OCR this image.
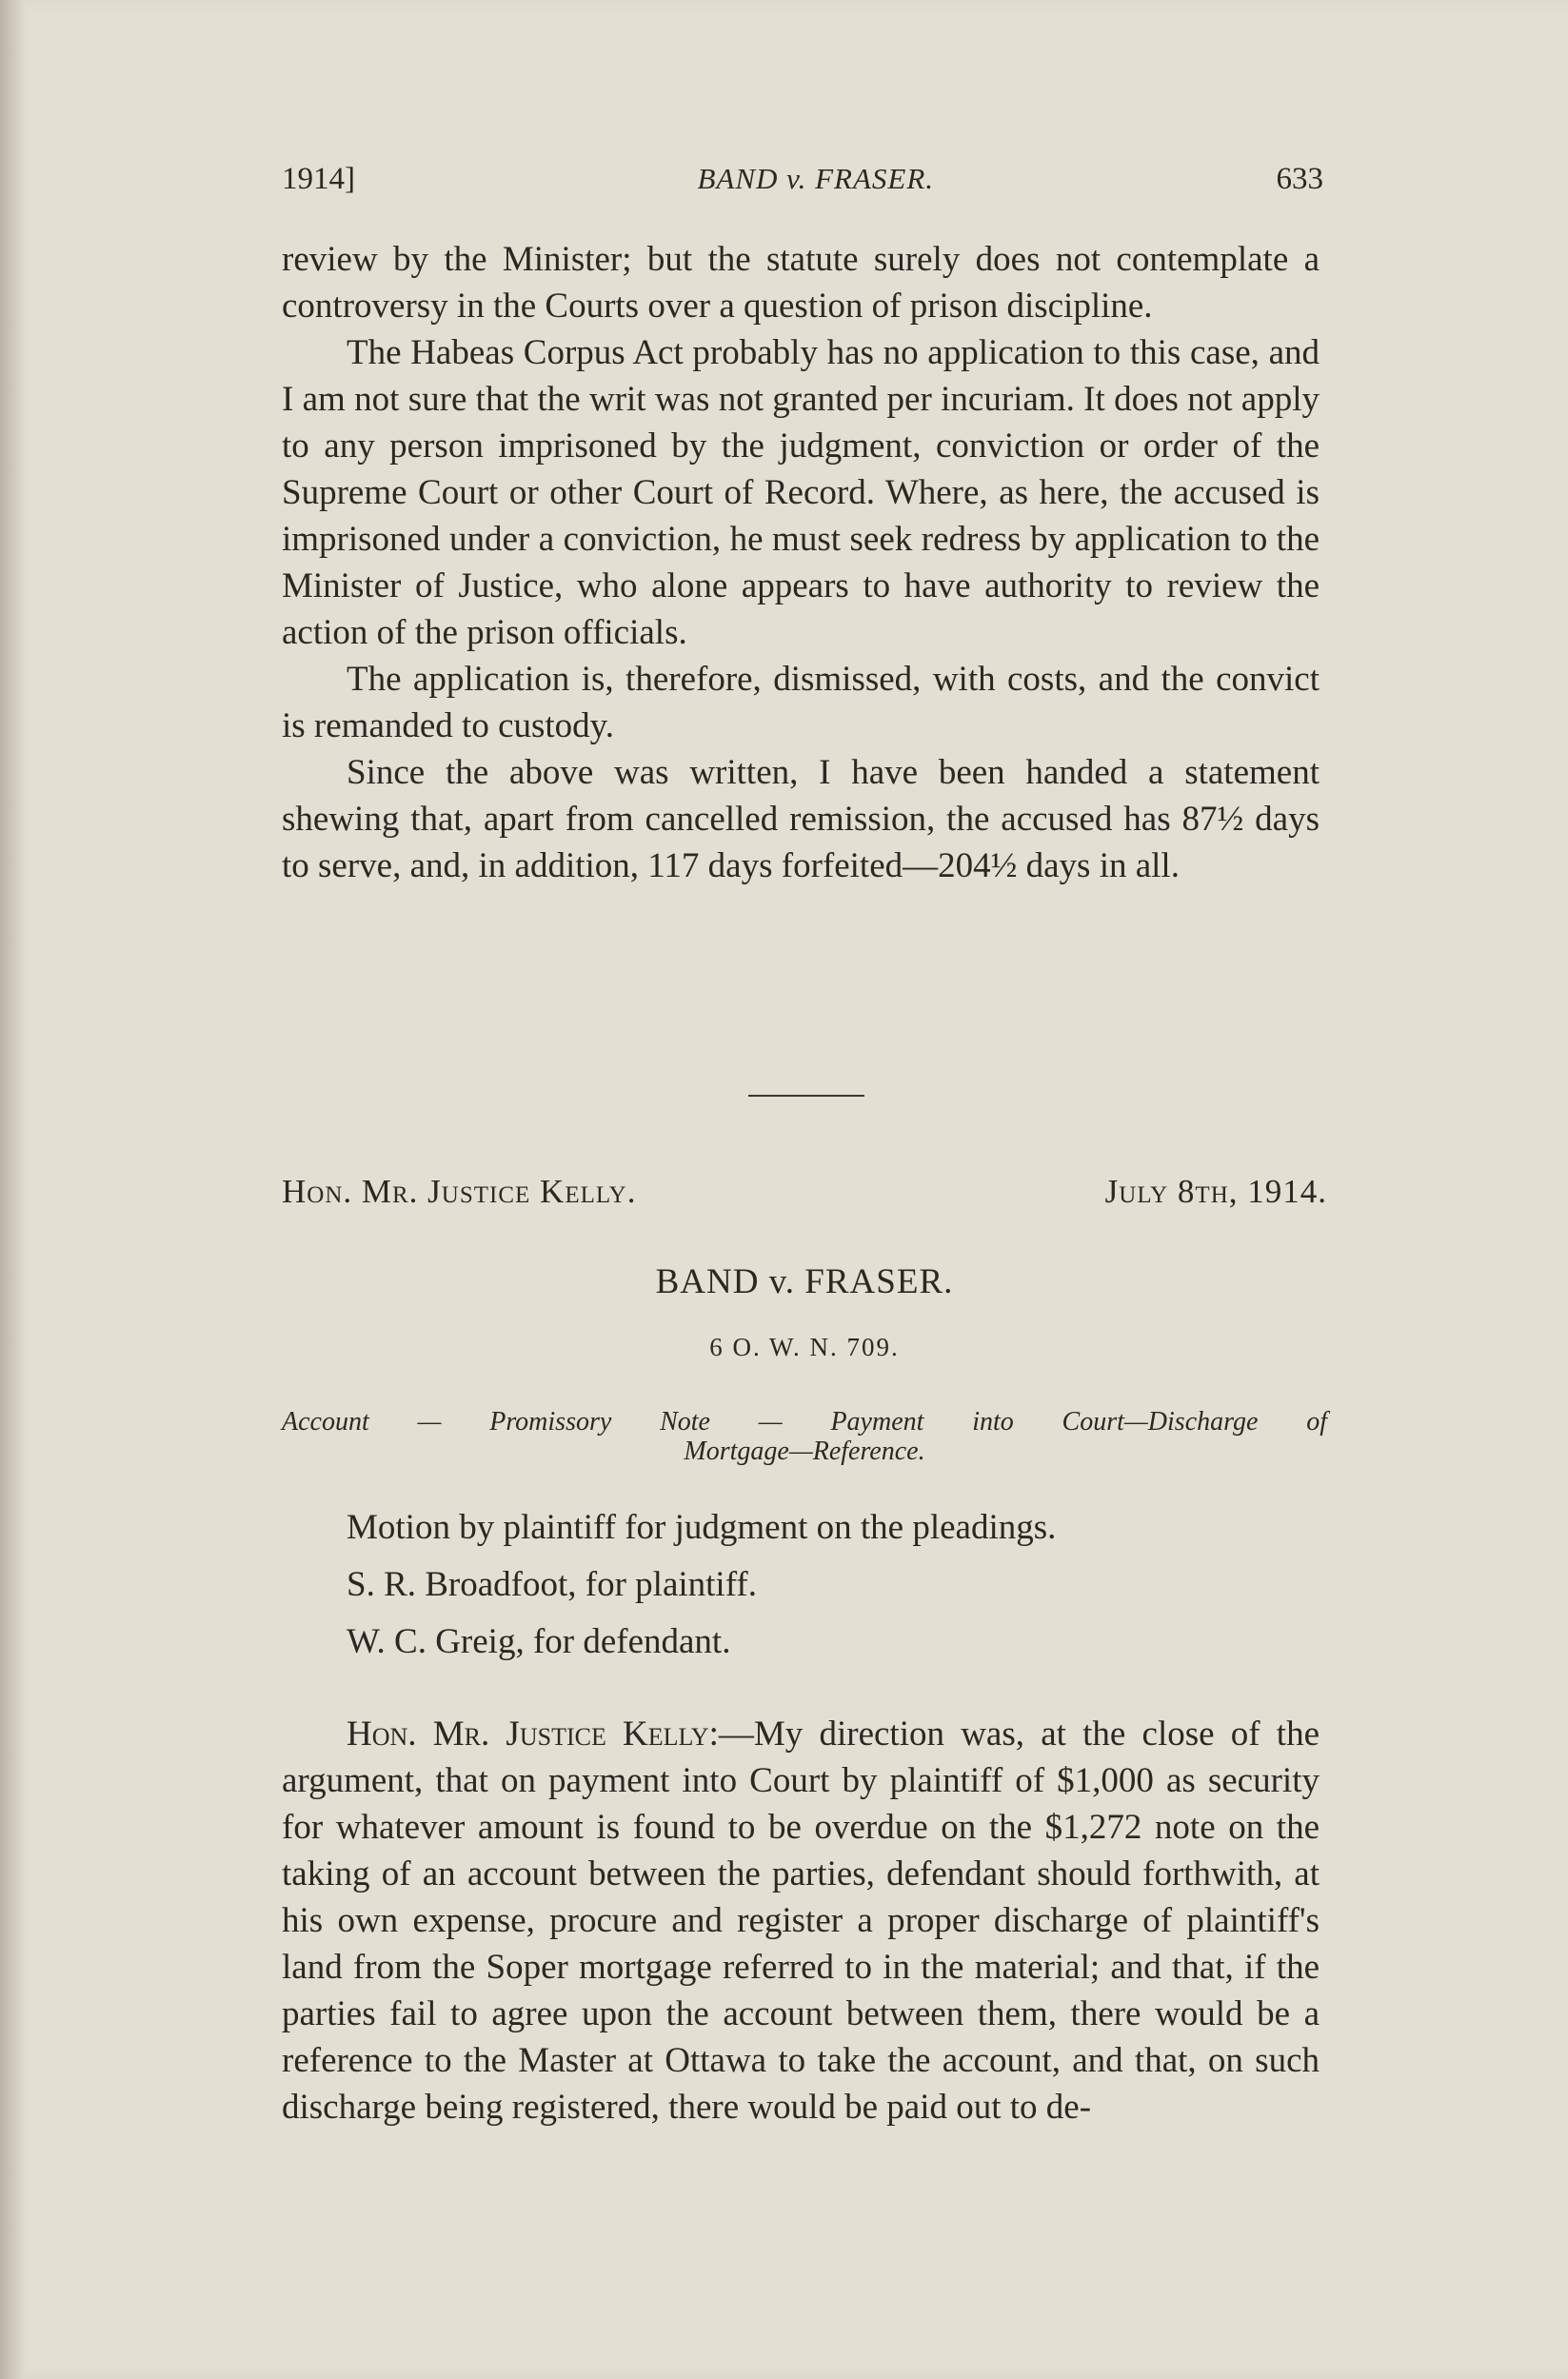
1914]	BAND v. FRASER.	633

review by the Minister; but the statute surely does not contemplate a controversy in the Courts over a question of prison discipline.

The Habeas Corpus Act probably has no application to this case, and I am not sure that the writ was not granted per incuriam. It does not apply to any person imprisoned by the judgment, conviction or order of the Supreme Court or other Court of Record. Where, as here, the accused is imprisoned under a conviction, he must seek redress by application to the Minister of Justice, who alone appears to have authority to review the action of the prison officials.

The application is, therefore, dismissed, with costs, and the convict is remanded to custody.

Since the above was written, I have been handed a statement shewing that, apart from cancelled remission, the accused has 87½ days to serve, and, in addition, 117 days forfeited—204½ days in all.

Hon. Mr. Justice Kelly.	July 8th, 1914.
BAND v. FRASER.
6 O. W. N. 709.
Account — Promissory Note — Payment into Court—Discharge of
Mortgage—Reference.
Motion by plaintiff for judgment on the pleadings.
S. R. Broadfoot, for plaintiff.
W. C. Greig, for defendant.

Hon. Mr. Justice Kelly:—My direction was, at the close of the argument, that on payment into Court by plaintiff of $1,000 as security for whatever amount is found to be overdue on the $1,272 note on the taking of an account between the parties, defendant should forthwith, at his own expense, procure and register a proper discharge of plaintiff's land from the Soper mortgage referred to in the material; and that, if the parties fail to agree upon the account between them, there would be a reference to the Master at Ottawa to take the account, and that, on such discharge being registered, there would be paid out to de-
